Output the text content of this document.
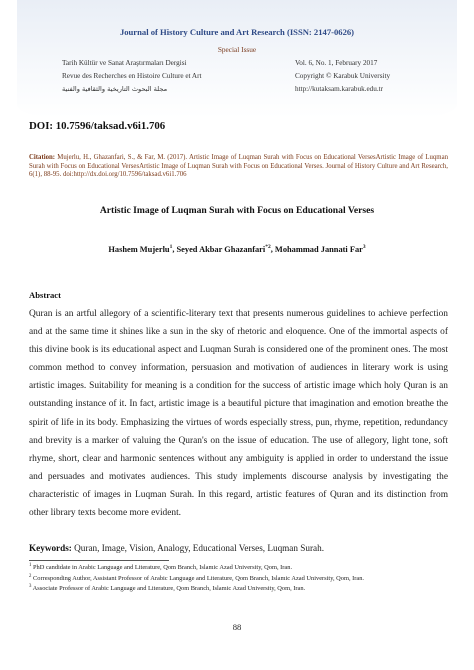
Journal of History Culture and Art Research (ISSN: 2147-0626)
Special Issue
Tarih Kültür ve Sanat Araştırmaları Dergisi
Revue des Recherches en Histoire Culture et Art
مجلة البحوث التاريخية والثقافية والفنية
Vol. 6, No. 1, February 2017
Copyright © Karabuk University
http://kutaksam.karabuk.edu.tr
DOI: 10.7596/taksad.v6i1.706
Citation: Mujerlu, H., Ghazanfari, S., & Far, M. (2017). Artistic Image of Luqman Surah with Focus on Educational VersesArtistic Image of Luqman Surah with Focus on Educational VersesArtistic Image of Luqman Surah with Focus on Educational Verses. Journal of History Culture and Art Research, 6(1), 88-95. doi:http://dx.doi.org/10.7596/taksad.v6i1.706
Artistic Image of Luqman Surah with Focus on Educational Verses
Hashem Mujerlu$^1$, Seyed Akbar Ghazanfari$^{*2}$, Mohammad Jannati Far$^3$
Abstract
Quran is an artful allegory of a scientific-literary text that presents numerous guidelines to achieve perfection and at the same time it shines like a sun in the sky of rhetoric and eloquence. One of the immortal aspects of this divine book is its educational aspect and Luqman Surah is considered one of the prominent ones. The most common method to convey information, persuasion and motivation of audiences in literary work is using artistic images. Suitability for meaning is a condition for the success of artistic image which holy Quran is an outstanding instance of it. In fact, artistic image is a beautiful picture that imagination and emotion breathe the spirit of life in its body. Emphasizing the virtues of words especially stress, pun, rhyme, repetition, redundancy and brevity is a marker of valuing the Quran's on the issue of education. The use of allegory, light tone, soft rhyme, short, clear and harmonic sentences without any ambiguity is applied in order to understand the issue and persuades and motivates audiences. This study implements discourse analysis by investigating the characteristic of images in Luqman Surah. In this regard, artistic features of Quran and its distinction from other library texts become more evident.
Keywords: Quran, Image, Vision, Analogy, Educational Verses, Luqman Surah.
$^1$ PhD candidate in Arabic Language and Literature, Qom Branch, Islamic Azad University, Qom, Iran.
$^2$ Corresponding Author, Assistant Professor of Arabic Language and Literature, Qom Branch, Islamic Azad University, Qom, Iran.
$^3$ Associate Professor of Arabic Language and Literature, Qom Branch, Islamic Azad University, Qom, Iran.
88
